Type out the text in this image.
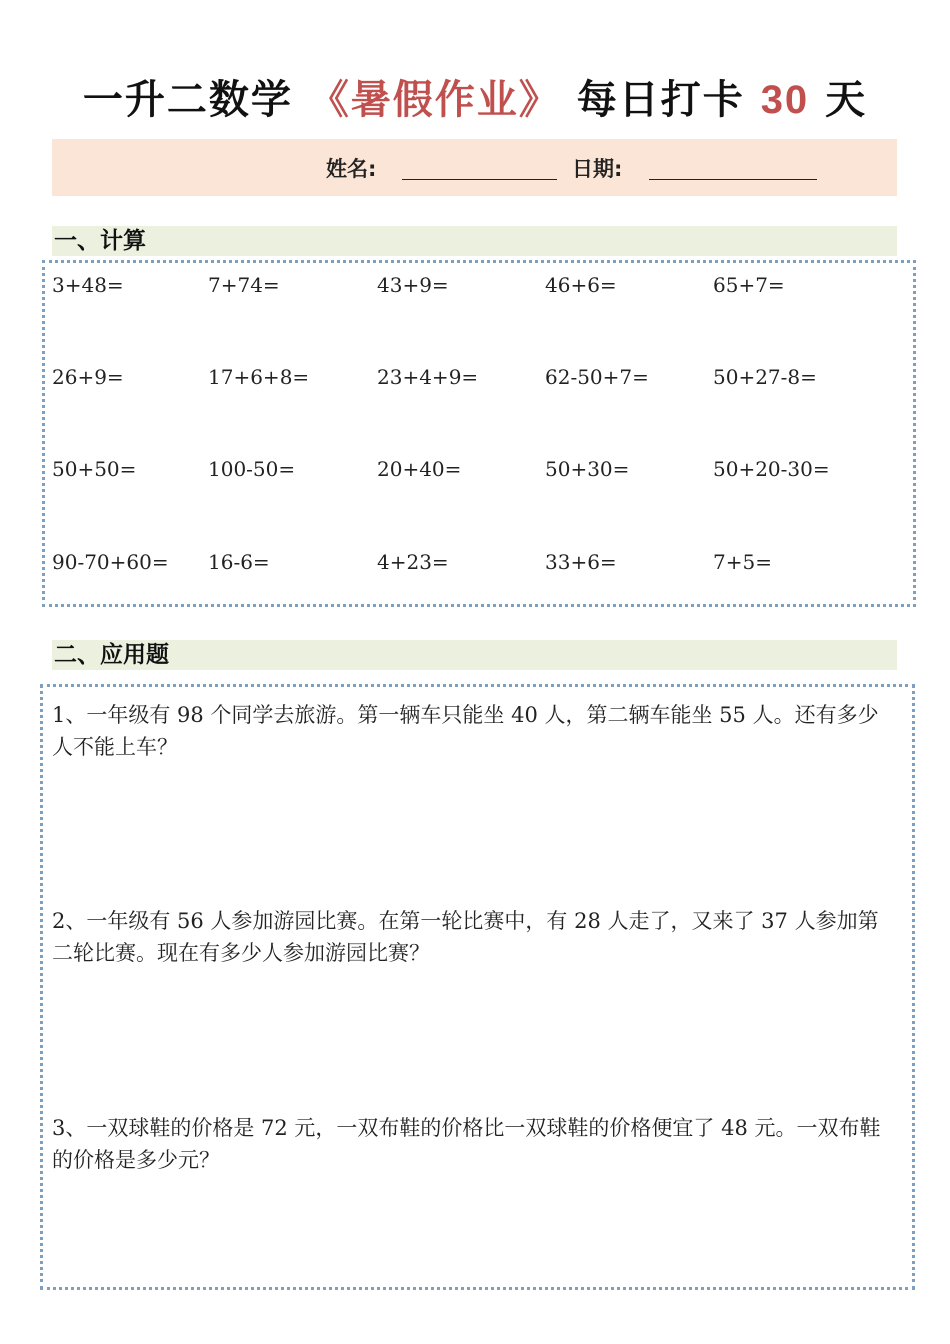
一升二数学 《暑假作业》 每日打卡 30 天
姓名:	日期:
一、计算
3+48=	7+74=	43+9=	46+6=	65+7=
26+9=	17+6+8=	23+4+9=	62-50+7=	50+27-8=
50+50=	100-50=	20+40=	50+30=	50+20-30=
90-70+60= 16-6=	4+23=	33+6=	7+5=
二、应用题
1、一年级有 98 个同学去旅游。第一辆车只能坐 40 人，第二辆车能坐 55 人。还有多少人不能上车？
2、一年级有 56 人参加游园比赛。在第一轮比赛中，有 28 人走了，又来了 37 人参加第二轮比赛。现在有多少人参加游园比赛？
3、一双球鞋的价格是 72 元，一双布鞋的价格比一双球鞋的价格便宜了 48 元。一双布鞋的价格是多少元？
